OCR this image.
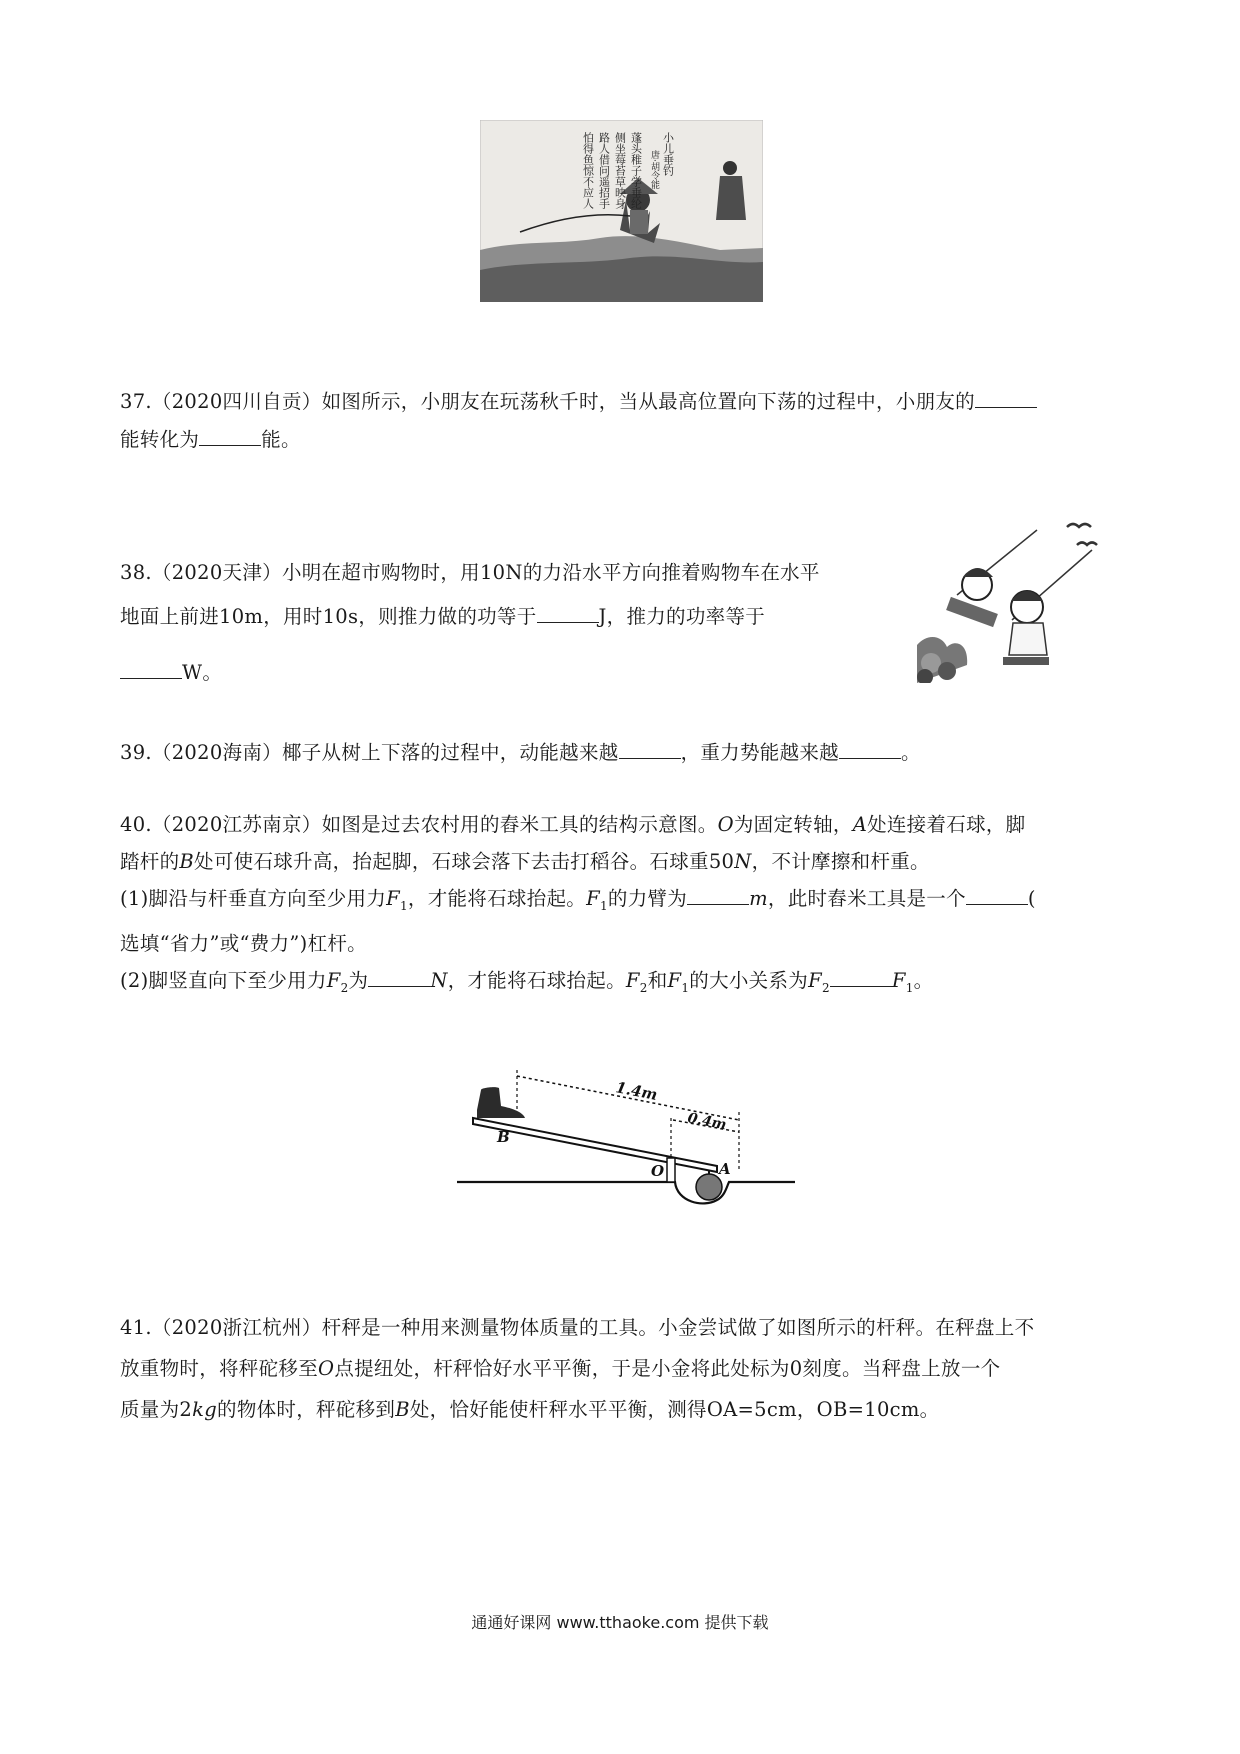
小儿垂钓
唐·胡令能
蓬头稚子学垂纶
侧坐莓苔草映身
路人借问遥招手
怕得鱼惊不应人
37.（2020四川自贡）如图所示，小朋友在玩荡秋千时，当从最高位置向下荡的过程中，小朋友的
能转化为	能。
38.（2020天津）小明在超市购物时，用10N的力沿水平方向推着购物车在水平
地面上前进10m，用时10s，则推力做的功等于	J，推力的功率等于

W。
39.（2020海南）椰子从树上下落的过程中，动能越来越	，重力势能越来越	。
40.（2020江苏南京）如图是过去农村用的舂米工具的结构示意图。O为固定转轴，A处连接着石球，脚
踏杆的B处可使石球升高，抬起脚，石球会落下去击打稻谷。石球重50N，不计摩擦和杆重。
(1)脚沿与杆垂直方向至少用力$F_1$，才能将石球抬起。$F_1$的力臂为	m，此时舂米工具是一个	(
选填“省力”或“费力”)杠杆。
(2)脚竖直向下至少用力$F_2$为	N，才能将石球抬起。$F_2$和$F_1$的大小关系为$F_2$	$F_1$。
1.4m
0.4m
B
O	A
41.（2020浙江杭州）杆秤是一种用来测量物体质量的工具。小金尝试做了如图所示的杆秤。在秤盘上不
放重物时，将秤砣移至O点提纽处，杆秤恰好水平平衡，于是小金将此处标为0刻度。当秤盘上放一个
质量为2kg的物体时，秤砣移到B处，恰好能使杆秤水平平衡，测得OA=5cm，OB=10cm。
通通好课网 www.tthaoke.com 提供下载
